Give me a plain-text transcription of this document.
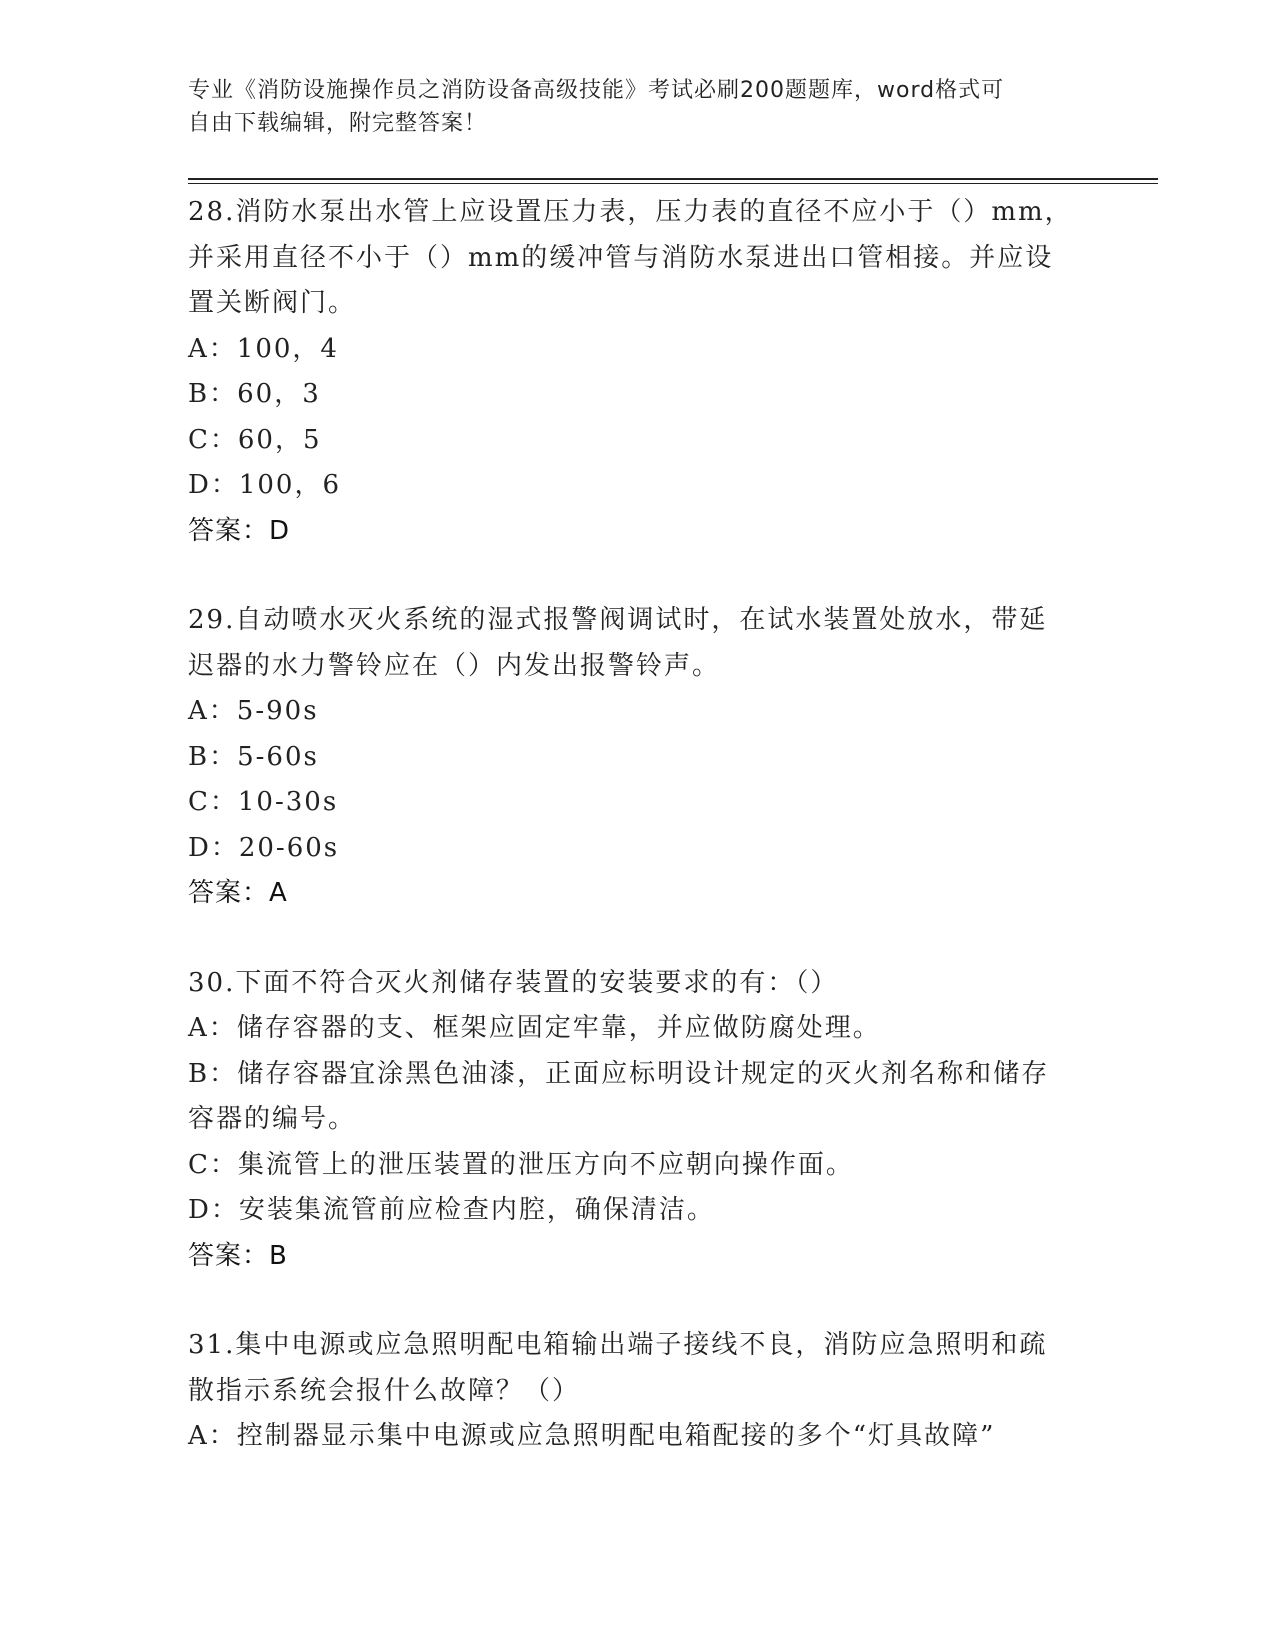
专业《消防设施操作员之消防设备高级技能》考试必刷200题题库，word格式可
自由下载编辑，附完整答案！
28.消防水泵出水管上应设置压力表，压力表的直径不应小于（）mm，
并采用直径不小于（）mm的缓冲管与消防水泵进出口管相接。并应设
置关断阀门。
A：100，4
B：60，3
C：60，5
D：100，6
答案：D
29.自动喷水灭火系统的湿式报警阀调试时，在试水装置处放水，带延
迟器的水力警铃应在（）内发出报警铃声。
A：5-90s
B：5-60s
C：10-30s
D：20-60s
答案：A
30.下面不符合灭火剂储存装置的安装要求的有：（）
A：储存容器的支、框架应固定牢靠，并应做防腐处理。
B：储存容器宜涂黑色油漆，正面应标明设计规定的灭火剂名称和储存
容器的编号。
C：集流管上的泄压装置的泄压方向不应朝向操作面。
D：安装集流管前应检查内腔，确保清洁。
答案：B
31.集中电源或应急照明配电箱输出端子接线不良，消防应急照明和疏
散指示系统会报什么故障？（）
A：控制器显示集中电源或应急照明配电箱配接的多个“灯具故障”
